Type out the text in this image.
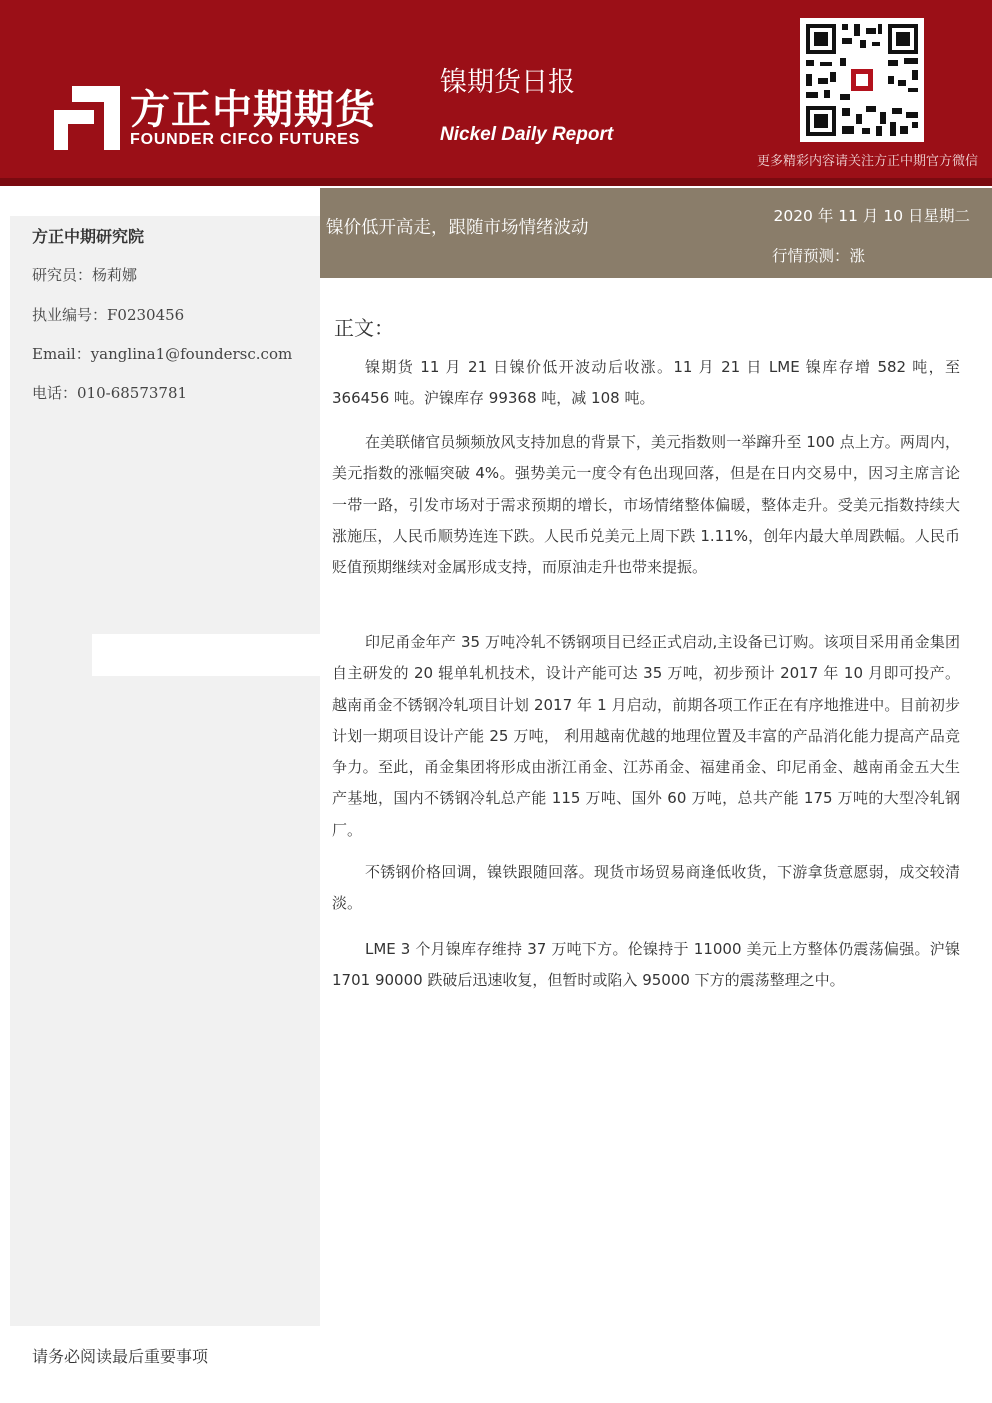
方正中期期货
FOUNDER CIFCO FUTURES
镍期货日报
Nickel Daily Report
更多精彩内容请关注方正中期官方微信
方正中期研究院
研究员：杨莉娜
执业编号：F0230456
Email：yanglina1@foundersc.com
电话：010-68573781
镍价低开高走，跟随市场情绪波动
2020 年 11 月 10 日星期二
行情预测：涨
正文：

镍期货 11 月 21 日镍价低开波动后收涨。11 月 21 日 LME 镍库存增 582 吨，至 366456 吨。沪镍库存 99368 吨，减 108 吨。

在美联储官员频频放风支持加息的背景下，美元指数则一举蹿升至 100 点上方。两周内，美元指数的涨幅突破 4%。强势美元一度令有色出现回落，但是在日内交易中，因习主席言论一带一路，引发市场对于需求预期的增长，市场情绪整体偏暖，整体走升。受美元指数持续大涨施压，人民币顺势连连下跌。人民币兑美元上周下跌 1.11%，创年内最大单周跌幅。人民币贬值预期继续对金属形成支持，而原油走升也带来提振。

印尼甬金年产 35 万吨冷轧不锈钢项目已经正式启动,主设备已订购。该项目采用甬金集团自主研发的 20 辊单轧机技术，设计产能可达 35 万吨，初步预计 2017 年 10 月即可投产。越南甬金不锈钢冷轧项目计划 2017 年 1 月启动，前期各项工作正在有序地推进中。目前初步计划一期项目设计产能 25 万吨， 利用越南优越的地理位置及丰富的产品消化能力提高产品竞争力。至此，甬金集团将形成由浙江甬金、江苏甬金、福建甬金、印尼甬金、越南甬金五大生产基地，国内不锈钢冷轧总产能 115 万吨、国外 60 万吨，总共产能 175 万吨的大型冷轧钢厂。

不锈钢价格回调，镍铁跟随回落。现货市场贸易商逢低收货，下游拿货意愿弱，成交较清淡。

LME 3 个月镍库存维持 37 万吨下方。伦镍持于 11000 美元上方整体仍震荡偏强。沪镍 1701 90000 跌破后迅速收复，但暂时或陷入 95000 下方的震荡整理之中。

请务必阅读最后重要事项
